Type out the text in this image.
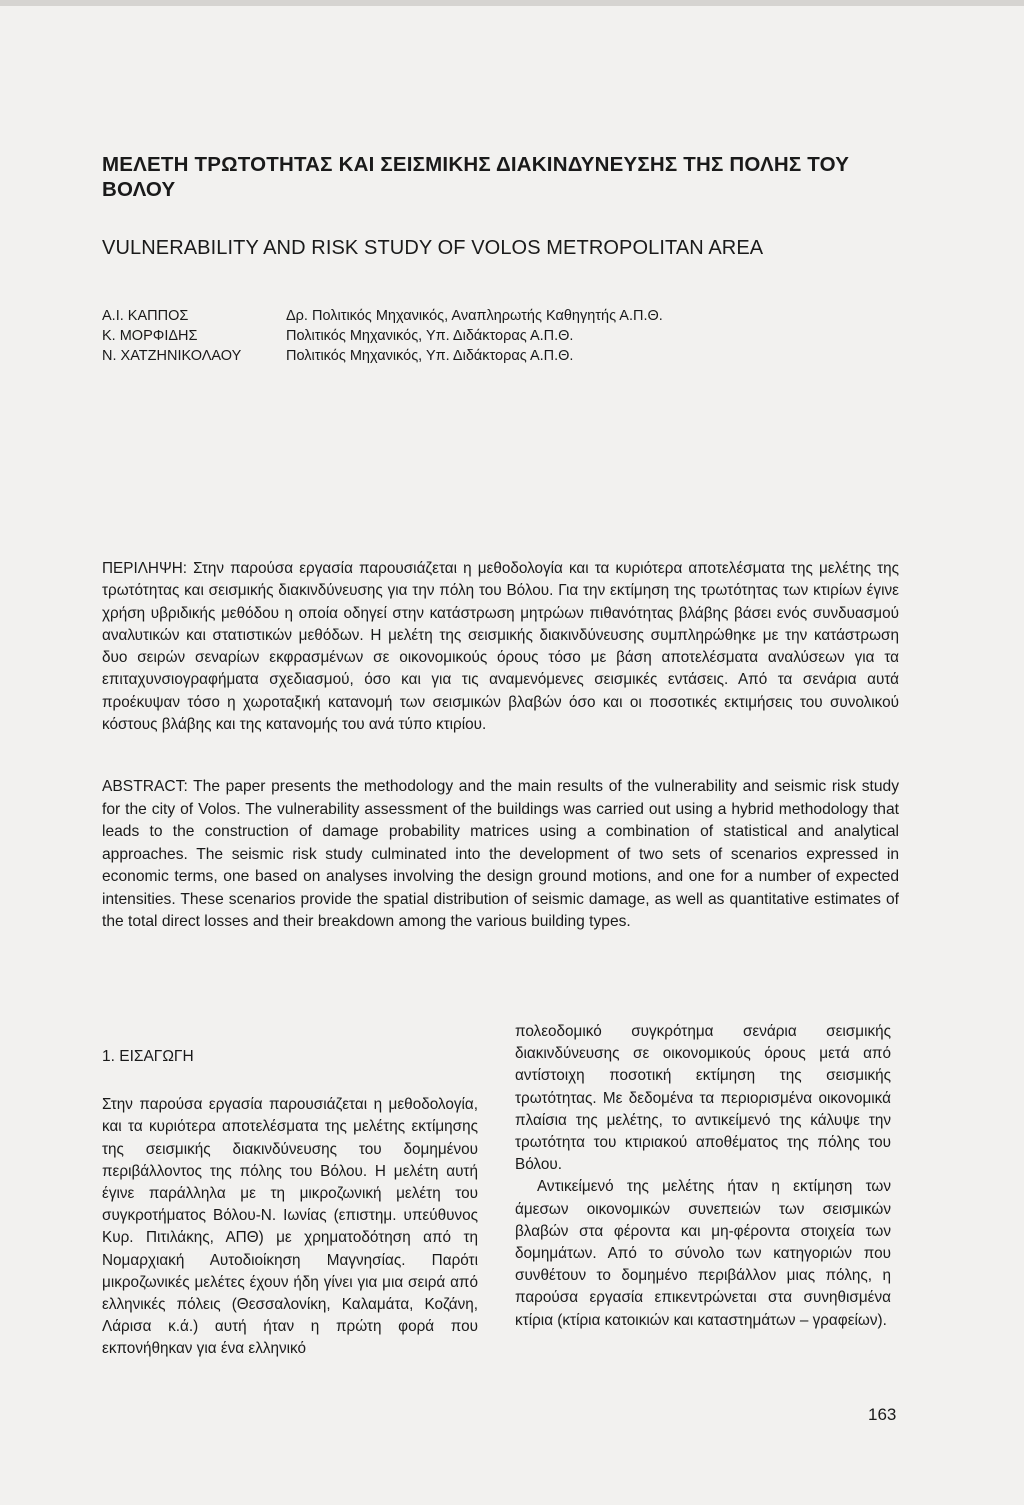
ΜΕΛΕΤΗ ΤΡΩΤΟΤΗΤΑΣ ΚΑΙ ΣΕΙΣΜΙΚΗΣ ΔΙΑΚΙΝΔΥΝΕΥΣΗΣ ΤΗΣ ΠΟΛΗΣ ΤΟΥ ΒΟΛΟΥ
VULNERABILITY AND RISK STUDY OF VOLOS METROPOLITAN AREA
Α.Ι. ΚΑΠΠΟΣ	Δρ. Πολιτικός Μηχανικός, Αναπληρωτής Καθηγητής Α.Π.Θ.
Κ. ΜΟΡΦΙΔΗΣ	Πολιτικός Μηχανικός, Υπ. Διδάκτορας Α.Π.Θ.
Ν. ΧΑΤΖΗΝΙΚΟΛΑΟΥ	Πολιτικός Μηχανικός, Υπ. Διδάκτορας Α.Π.Θ.

ΠΕΡΙΛΗΨΗ: Στην παρούσα εργασία παρουσιάζεται η μεθοδολογία και τα κυριότερα αποτελέσματα της μελέτης της τρωτότητας και σεισμικής διακινδύνευσης για την πόλη του Βόλου. Για την εκτίμηση της τρωτότητας των κτιρίων έγινε χρήση υβριδικής μεθόδου η οποία οδηγεί στην κατάστρωση μητρώων πιθανότητας βλάβης βάσει ενός συνδυασμού αναλυτικών και στατιστικών μεθόδων. Η μελέτη της σεισμικής διακινδύνευσης συμπληρώθηκε με την κατάστρωση δυο σειρών σεναρίων εκφρασμένων σε οικονομικούς όρους τόσο με βάση αποτελέσματα αναλύσεων για τα επιταχυνσιογραφήματα σχεδιασμού, όσο και για τις αναμενόμενες σεισμικές εντάσεις. Από τα σενάρια αυτά προέκυψαν τόσο η χωροταξική κατανομή των σεισμικών βλαβών όσο και οι ποσοτικές εκτιμήσεις του συνολικού κόστους βλάβης και της κατανομής του ανά τύπο κτιρίου.

ABSTRACT: The paper presents the methodology and the main results of the vulnerability and seismic risk study for the city of Volos. The vulnerability assessment of the buildings was carried out using a hybrid methodology that leads to the construction of damage probability matrices using a combination of statistical and analytical approaches. The seismic risk study culminated into the development of two sets of scenarios expressed in economic terms, one based on analyses involving the design ground motions, and one for a number of expected intensities. These scenarios provide the spatial distribution of seismic damage, as well as quantitative estimates of the total direct losses and their breakdown among the various building types.

1. ΕΙΣΑΓΩΓΗ

Στην παρούσα εργασία παρουσιάζεται η μεθοδολογία, και τα κυριότερα αποτελέσματα της μελέτης εκτίμησης της σεισμικής διακινδύνευσης του δομημένου περιβάλλοντος της πόλης του Βόλου. Η μελέτη αυτή έγινε παράλληλα με τη μικροζωνική μελέτη του συγκροτήματος Βόλου-Ν. Ιωνίας (επιστημ. υπεύθυνος Κυρ. Πιτιλάκης, ΑΠΘ) με χρηματοδότηση από τη Νομαρχιακή Αυτοδιοίκηση Μαγνησίας. Παρότι μικροζωνικές μελέτες έχουν ήδη γίνει για μια σειρά από ελληνικές πόλεις (Θεσσαλονίκη, Καλαμάτα, Κοζάνη, Λάρισα κ.ά.) αυτή ήταν η πρώτη φορά που εκπονήθηκαν για ένα ελληνικό

πολεοδομικό συγκρότημα σενάρια σεισμικής διακινδύνευσης σε οικονομικούς όρους μετά από αντίστοιχη ποσοτική εκτίμηση της σεισμικής τρωτότητας. Με δεδομένα τα περιορισμένα οικονομικά πλαίσια της μελέτης, το αντικείμενό της κάλυψε την τρωτότητα του κτιριακού αποθέματος της πόλης του Βόλου.

Αντικείμενό της μελέτης ήταν η εκτίμηση των άμεσων οικονομικών συνεπειών των σεισμικών βλαβών στα φέροντα και μη-φέροντα στοιχεία των δομημάτων. Από το σύνολο των κατηγοριών που συνθέτουν το δομημένο περιβάλλον μιας πόλης, η παρούσα εργασία επικεντρώνεται στα συνηθισμένα κτίρια (κτίρια κατοικιών και καταστημάτων – γραφείων).

163
